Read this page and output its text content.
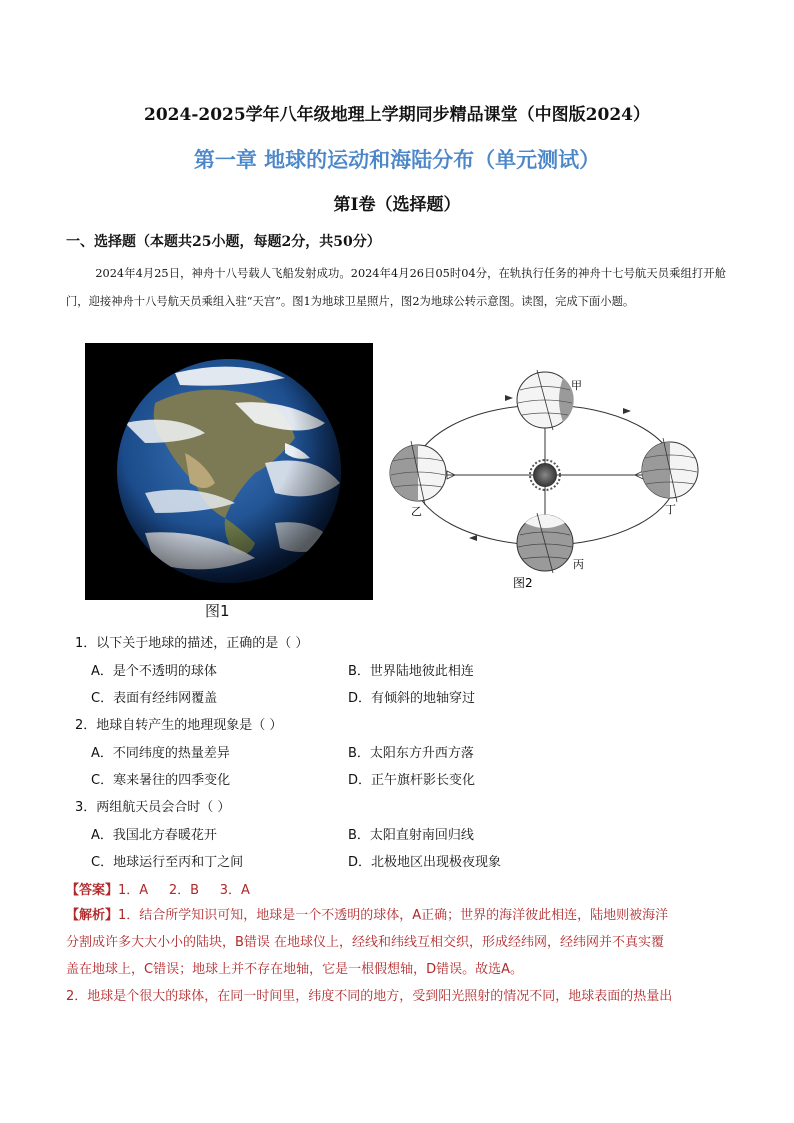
2024-2025学年八年级地理上学期同步精品课堂（中图版2024）
第一章 地球的运动和海陆分布（单元测试）
第Ⅰ卷（选择题）
一、选择题（本题共25小题，每题2分，共50分）
2024年4月25日，神舟十八号载人飞船发射成功。2024年4月26日05时04分，在轨执行任务的神舟十七号航天员乘组打开舱门，迎接神舟十八号航天员乘组入驻“天宫”。图1为地球卫星照片，图2为地球公转示意图。读图，完成下面小题。
图1
甲
乙	丁
丙
图2
1．以下关于地球的描述，正确的是（ ）
A．是个不透明的球体	B．世界陆地彼此相连
C．表面有经纬网覆盖	D．有倾斜的地轴穿过
2．地球自转产生的地理现象是（ ）
A．不同纬度的热量差异	B．太阳东方升西方落
C．寒来暑往的四季变化	D．正午旗杆影长变化
3．两组航天员会合时（ ）
A．我国北方春暖花开	B．太阳直射南回归线
C．地球运行至丙和丁之间	D．北极地区出现极夜现象
【答案】1．A     2．B     3．A
【解析】1．结合所学知识可知，地球是一个不透明的球体，A正确；世界的海洋彼此相连，陆地则被海洋
分割成许多大大小小的陆块，B错误 在地球仪上，经线和纬线互相交织，形成经纬网，经纬网并不真实覆
盖在地球上，C错误；地球上并不存在地轴，它是一根假想轴，D错误。故选A。
2．地球是个很大的球体，在同一时间里，纬度不同的地方，受到阳光照射的情况不同，地球表面的热量出
